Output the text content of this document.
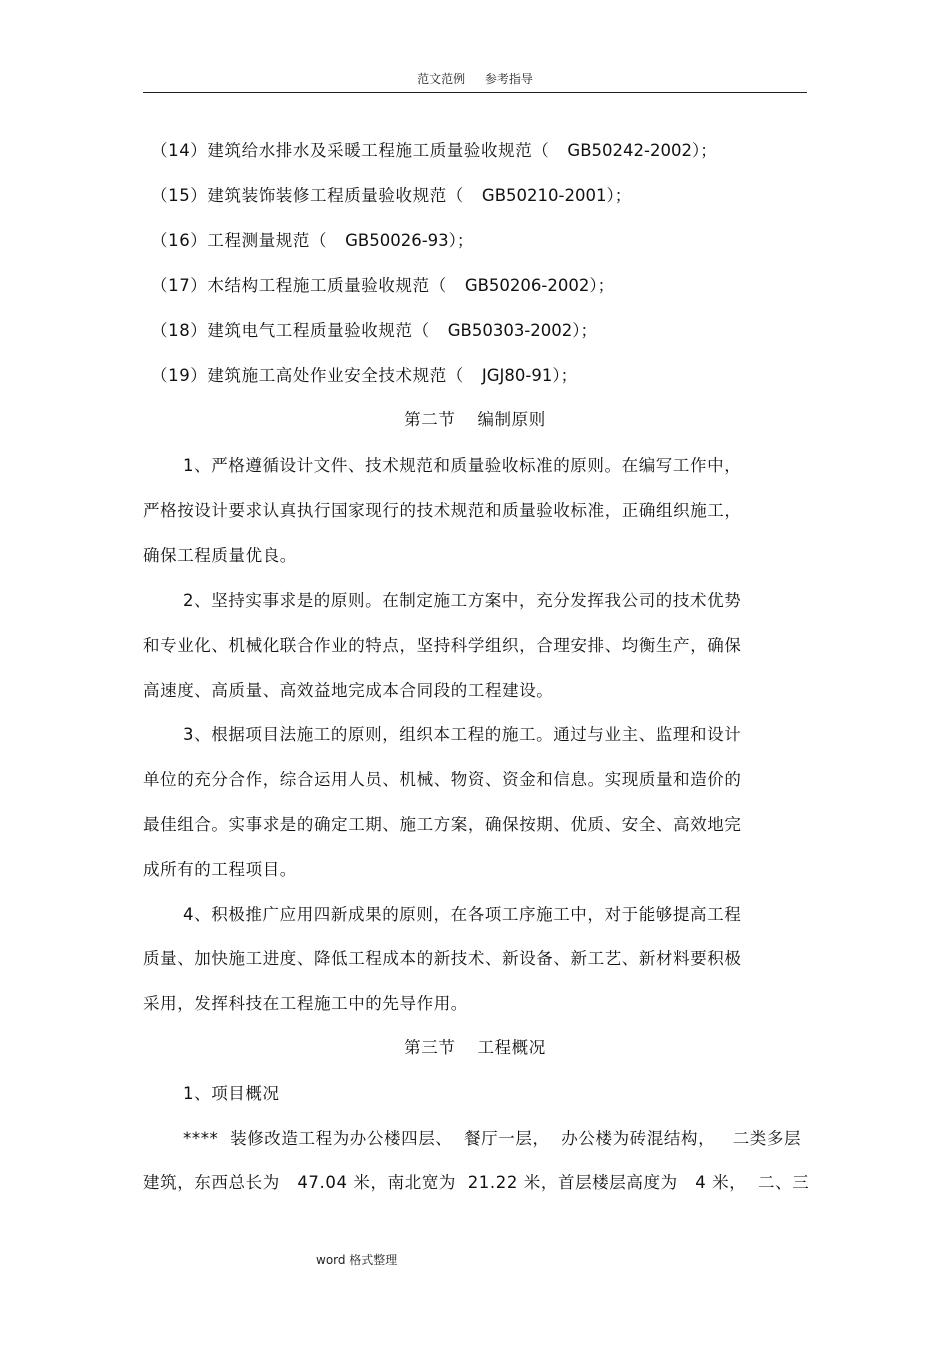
范文范例 参考指导
（14）建筑给水排水及采暖工程施工质量验收规范（ GB50242-2002）；
（15）建筑装饰装修工程质量验收规范（ GB50210-2001）；
（16）工程测量规范（ GB50026-93）；
（17）木结构工程施工质量验收规范（ GB50206-2002）；
（18）建筑电气工程质量验收规范（ GB50303-2002）；
（19）建筑施工高处作业安全技术规范（ JGJ80-91）；
第二节 编制原则
1、严格遵循设计文件、技术规范和质量验收标准的原则。在编写工作中，
严格按设计要求认真执行国家现行的技术规范和质量验收标准，正确组织施工，
确保工程质量优良。
2、坚持实事求是的原则。在制定施工方案中，充分发挥我公司的技术优势
和专业化、机械化联合作业的特点，坚持科学组织，合理安排、均衡生产，确保
高速度、高质量、高效益地完成本合同段的工程建设。
3、根据项目法施工的原则，组织本工程的施工。通过与业主、监理和设计
单位的充分合作，综合运用人员、机械、物资、资金和信息。实现质量和造价的
最佳组合。实事求是的确定工期、施工方案，确保按期、优质、安全、高效地完
成所有的工程项目。
4、积极推广应用四新成果的原则，在各项工序施工中，对于能够提高工程
质量、加快施工进度、降低工程成本的新技术、新设备、新工艺、新材料要积极
采用，发挥科技在工程施工中的先导作用。
第三节 工程概况
1、项目概况
****  装修改造工程为办公楼四层、  餐厅一层，  办公楼为砖混结构，   二类多层
建筑，东西总长为   47.04 米，南北宽为  21.22 米，首层楼层高度为   4 米，  二、三
word 格式整理
